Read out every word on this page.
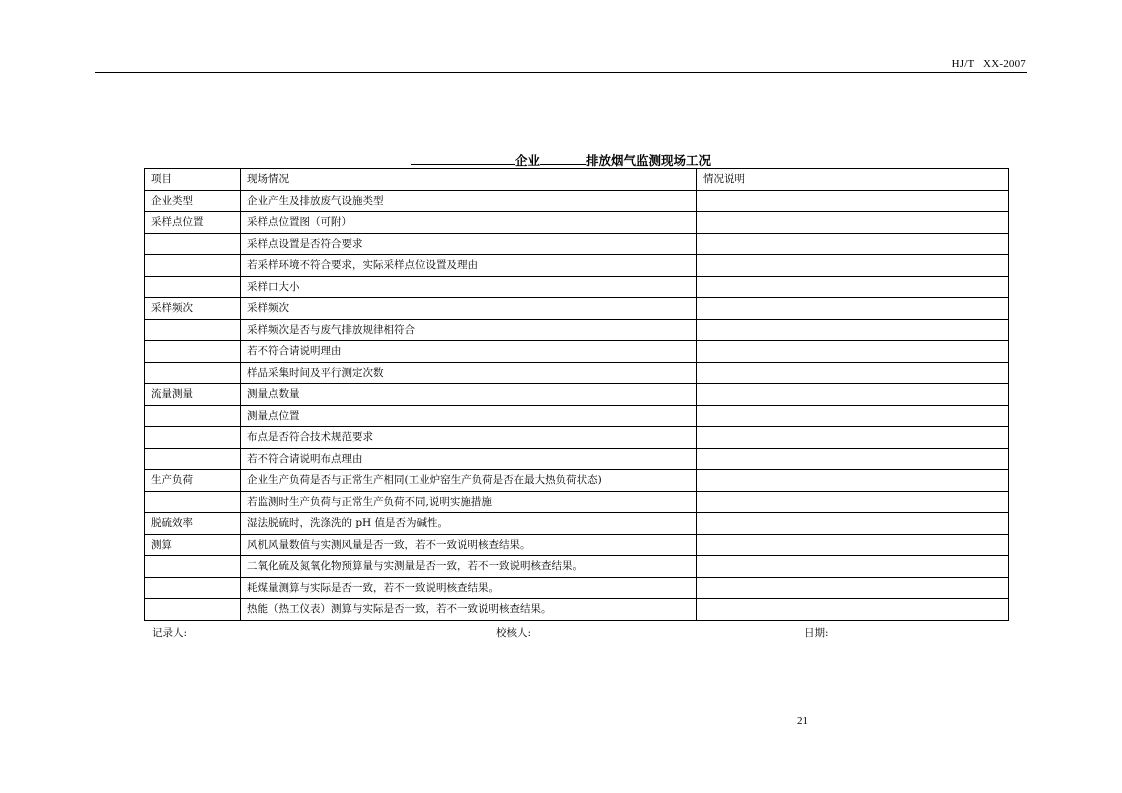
HJ/T   XX-2007
企业	排放烟气监测现场工况
项目	现场情况	情况说明
企业类型	企业产生及排放废气设施类型	
采样点位置	采样点位置图（可附）	
	采样点设置是否符合要求	
	若采样环境不符合要求，实际采样点位设置及理由	
	采样口大小	
采样频次	采样频次	
	采样频次是否与废气排放规律相符合	
	若不符合请说明理由	
	样品采集时间及平行测定次数	
流量测量	测量点数量	
	测量点位置	
	布点是否符合技术规范要求	
	若不符合请说明布点理由	
生产负荷	企业生产负荷是否与正常生产相同(工业炉窑生产负荷是否在最大热负荷状态)	
	若监测时生产负荷与正常生产负荷不同,说明实施措施	
脱硫效率	湿法脱硫时，洗涤洗的 pH 值是否为碱性。	
测算	风机风量数值与实测风量是否一致，若不一致说明核查结果。	
	二氧化硫及氮氧化物预算量与实测量是否一致，若不一致说明核查结果。	
	耗煤量测算与实际是否一致，若不一致说明核查结果。	
	热能（热工仪表）测算与实际是否一致，若不一致说明核查结果。	
记录人:	校核人:	日期:
21
